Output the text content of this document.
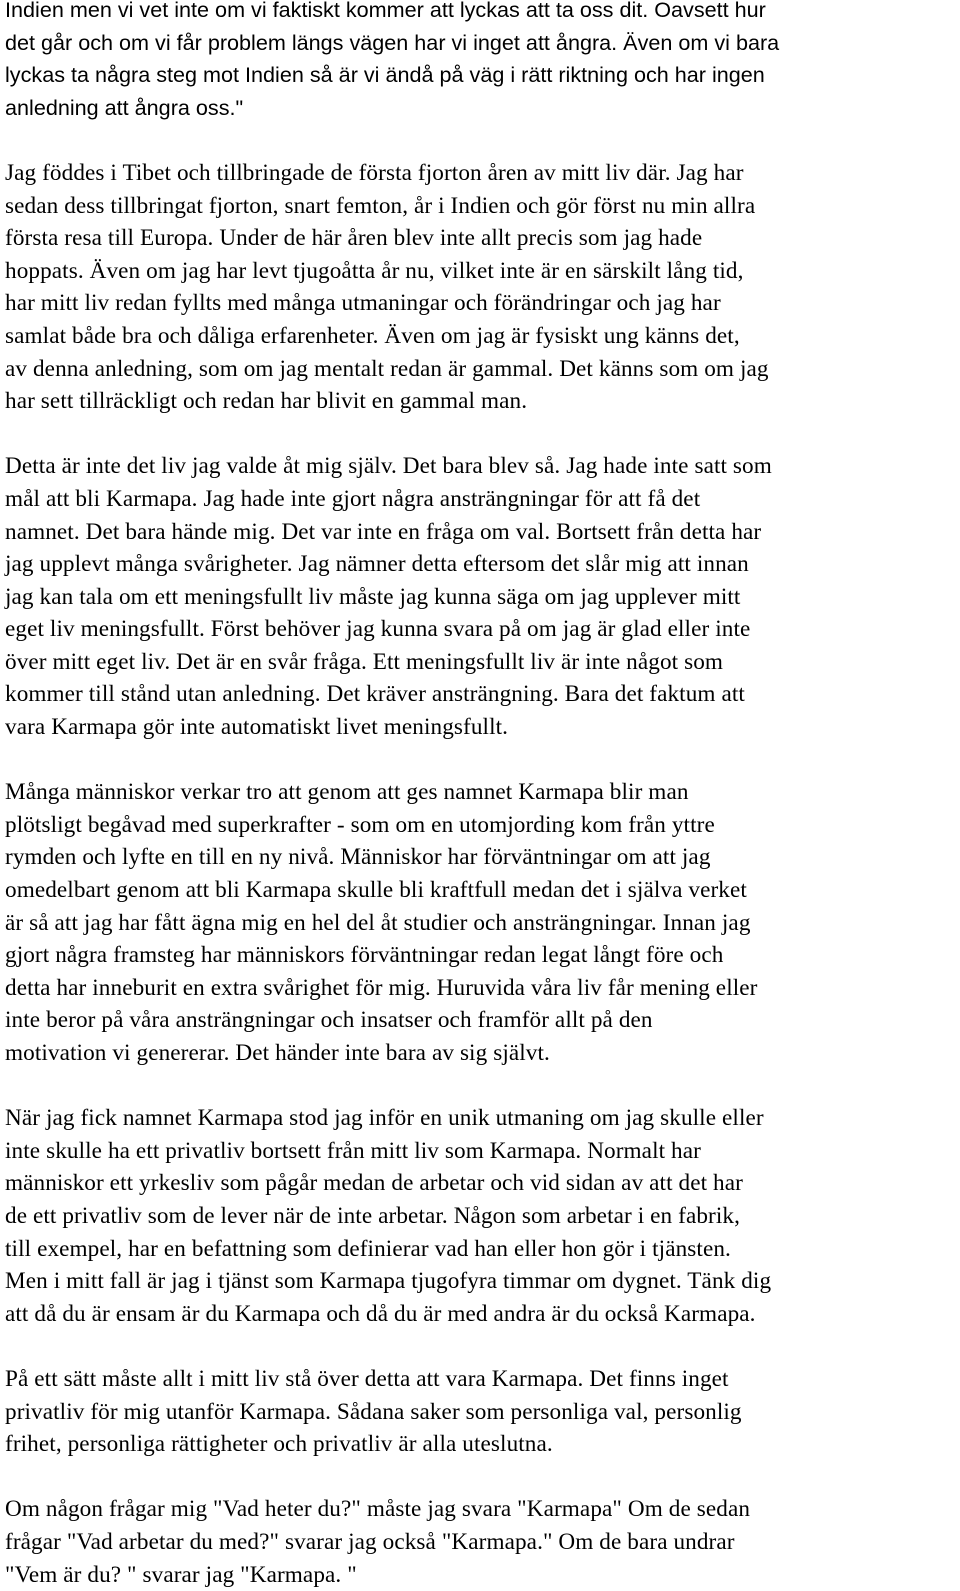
Indien men vi vet inte om vi faktiskt kommer att lyckas att ta oss dit. Oavsett hur
det går och om vi får problem längs vägen har vi inget att ångra. Även om vi bara
lyckas ta några steg mot Indien så är vi ändå på väg i rätt riktning och har ingen
anledning att ångra oss."
Jag föddes i Tibet och tillbringade de första fjorton åren av mitt liv där. Jag har
sedan dess tillbringat fjorton, snart femton, år i Indien och gör först nu min allra
första resa till Europa. Under de här åren blev inte allt precis som jag hade
hoppats. Även om jag har levt tjugoåtta år nu, vilket inte är en särskilt lång tid,
har mitt liv redan fyllts med många utmaningar och förändringar och jag har
samlat både bra och dåliga erfarenheter. Även om jag är fysiskt ung känns det,
av denna anledning, som om jag mentalt redan är gammal. Det känns som om jag
har sett tillräckligt och redan har blivit en gammal man.
Detta är inte det liv jag valde åt mig själv. Det bara blev så. Jag hade inte satt som
mål att bli Karmapa. Jag hade inte gjort några ansträngningar för att få det
namnet. Det bara hände mig. Det var inte en fråga om val. Bortsett från detta har
jag upplevt många svårigheter. Jag nämner detta eftersom det slår mig att innan
jag kan tala om ett meningsfullt liv måste jag kunna säga om jag upplever mitt
eget liv meningsfullt. Först behöver jag kunna svara på om jag är glad eller inte
över mitt eget liv. Det är en svår fråga. Ett meningsfullt liv är inte något som
kommer till stånd utan anledning. Det kräver ansträngning. Bara det faktum att
vara Karmapa gör inte automatiskt livet meningsfullt.
Många människor verkar tro att genom att ges namnet Karmapa blir man
plötsligt begåvad med superkrafter - som om en utomjording kom från yttre
rymden och lyfte en till en ny nivå. Människor har förväntningar om att jag
omedelbart genom att bli Karmapa skulle bli kraftfull medan det i själva verket
är så att jag har fått ägna mig en hel del åt studier och ansträngningar. Innan jag
gjort några framsteg har människors förväntningar redan legat långt före och
detta har inneburit en extra svårighet för mig. Huruvida våra liv får mening eller
inte beror på våra ansträngningar och insatser och framför allt på den
motivation vi genererar. Det händer inte bara av sig självt.
När jag fick namnet Karmapa stod jag inför en unik utmaning om jag skulle eller
inte skulle ha ett privatliv bortsett från mitt liv som Karmapa. Normalt har
människor ett yrkesliv som pågår medan de arbetar och vid sidan av att det har
de ett privatliv som de lever när de inte arbetar. Någon som arbetar i en fabrik,
till exempel, har en befattning som definierar vad han eller hon gör i tjänsten.
Men i mitt fall är jag i tjänst som Karmapa tjugofyra timmar om dygnet. Tänk dig
att då du är ensam är du Karmapa och då du är med andra är du också Karmapa.
På ett sätt måste allt i mitt liv stå över detta att vara Karmapa. Det finns inget
privatliv för mig utanför Karmapa. Sådana saker som personliga val, personlig
frihet, personliga rättigheter och privatliv är alla uteslutna.
Om någon frågar mig "Vad heter du?" måste jag svara "Karmapa" Om de sedan
frågar "Vad arbetar du med?" svarar jag också "Karmapa." Om de bara undrar
"Vem är du? " svarar jag "Karmapa. "
